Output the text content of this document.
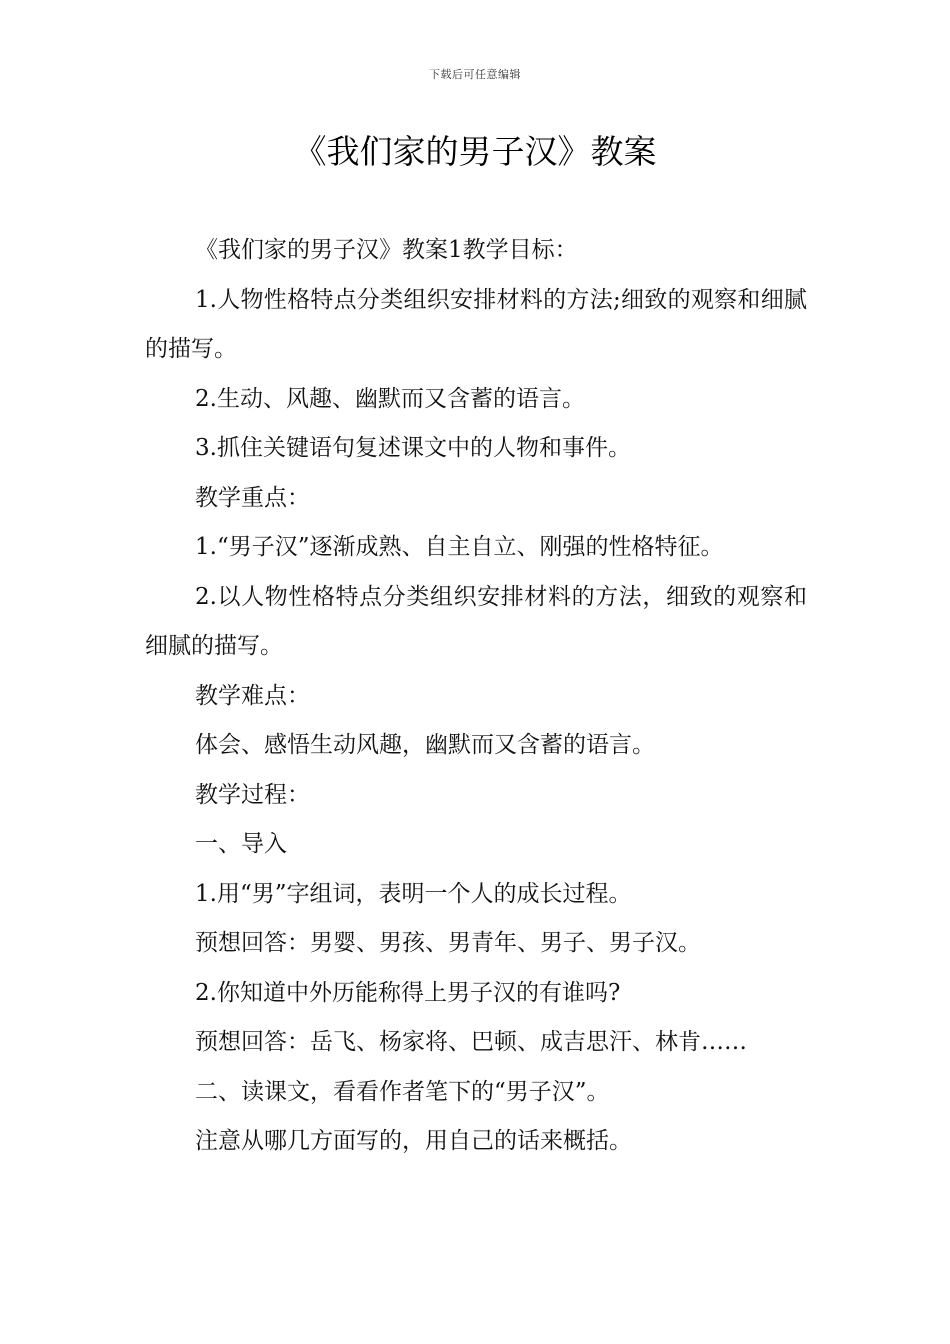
下载后可任意编辑
《我们家的男子汉》教案

《我们家的男子汉》教案1教学目标：

1.人物性格特点分类组织安排材料的方法;细致的观察和细腻的描写。

2.生动、风趣、幽默而又含蓄的语言。

3.抓住关键语句复述课文中的人物和事件。

教学重点：

1.“男子汉”逐渐成熟、自主自立、刚强的性格特征。

2.以人物性格特点分类组织安排材料的方法，细致的观察和细腻的描写。

教学难点：

体会、感悟生动风趣，幽默而又含蓄的语言。

教学过程：

一、导入

1.用“男”字组词，表明一个人的成长过程。

预想回答：男婴、男孩、男青年、男子、男子汉。

2.你知道中外历能称得上男子汉的有谁吗?

预想回答：岳飞、杨家将、巴顿、成吉思汗、林肯……

二、读课文，看看作者笔下的“男子汉”。

注意从哪几方面写的，用自己的话来概括。
